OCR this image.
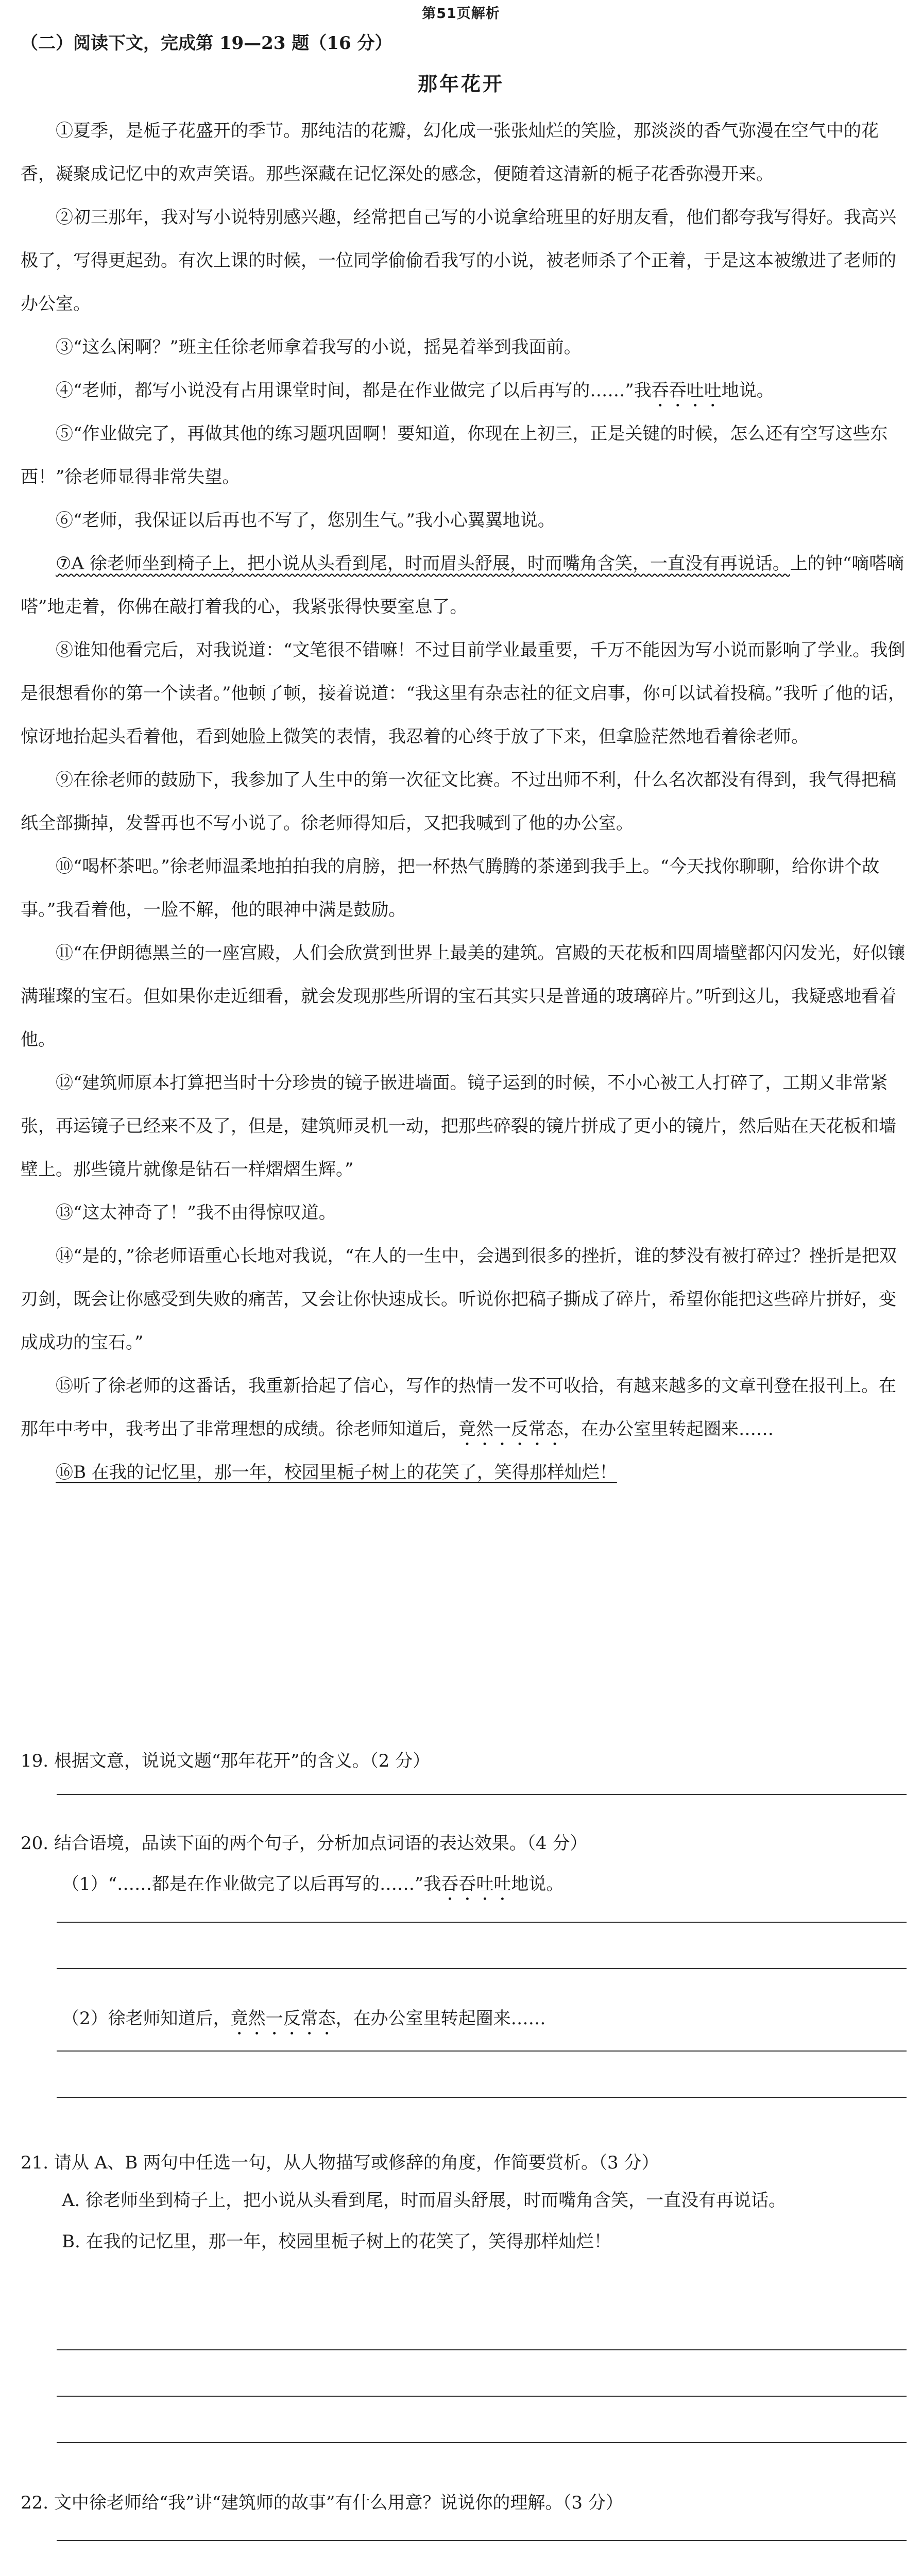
第51页解析
（二）阅读下文，完成第 19—23 题（16 分）
那年花开

①夏季，是栀子花盛开的季节。那纯洁的花瓣，幻化成一张张灿烂的笑脸，那淡淡的香气弥漫在空气中的花香，凝聚成记忆中的欢声笑语。那些深藏在记忆深处的感念，便随着这清新的栀子花香弥漫开来。

②初三那年，我对写小说特别感兴趣，经常把自己写的小说拿给班里的好朋友看，他们都夸我写得好。我高兴极了，写得更起劲。有次上课的时候，一位同学偷偷看我写的小说，被老师杀了个正着，于是这本被缴进了老师的办公室。

③“这么闲啊？”班主任徐老师拿着我写的小说，摇晃着举到我面前。

④“老师，都写小说没有占用课堂时间，都是在作业做完了以后再写的……”我吞吞吐吐地说。

⑤“作业做完了，再做其他的练习题巩固啊！要知道，你现在上初三，正是关键的时候，怎么还有空写这些东西！”徐老师显得非常失望。

⑥“老师，我保证以后再也不写了，您别生气。”我小心翼翼地说。

⑦A 徐老师坐到椅子上，把小说从头看到尾，时而眉头舒展，时而嘴角含笑，一直没有再说话。上的钟“嘀嗒嘀嗒”地走着，你佛在敲打着我的心，我紧张得快要室息了。

⑧谁知他看完后，对我说道：“文笔很不错嘛！不过目前学业最重要，千万不能因为写小说而影响了学业。我倒是很想看你的第一个读者。”他顿了顿，接着说道：“我这里有杂志社的征文启事，你可以试着投稿。”我听了他的话，惊讶地抬起头看着他，看到她脸上微笑的表情，我忍着的心终于放了下来，但拿脸茫然地看着徐老师。

⑨在徐老师的鼓励下，我参加了人生中的第一次征文比赛。不过出师不利，什么名次都没有得到，我气得把稿纸全部撕掉，发誓再也不写小说了。徐老师得知后，又把我喊到了他的办公室。

⑩“喝杯茶吧。”徐老师温柔地拍拍我的肩膀，把一杯热气腾腾的茶递到我手上。“今天找你聊聊，给你讲个故事。”我看着他，一脸不解，他的眼神中满是鼓励。

⑪“在伊朗德黑兰的一座宫殿，人们会欣赏到世界上最美的建筑。宫殿的天花板和四周墙壁都闪闪发光，好似镶满璀璨的宝石。但如果你走近细看，就会发现那些所谓的宝石其实只是普通的玻璃碎片。”听到这儿，我疑惑地看着他。

⑫“建筑师原本打算把当时十分珍贵的镜子嵌进墙面。镜子运到的时候，不小心被工人打碎了，工期又非常紧张，再运镜子已经来不及了，但是，建筑师灵机一动，把那些碎裂的镜片拼成了更小的镜片，然后贴在天花板和墙壁上。那些镜片就像是钻石一样熠熠生辉。”

⑬“这太神奇了！”我不由得惊叹道。

⑭“是的，”徐老师语重心长地对我说，“在人的一生中，会遇到很多的挫折，谁的梦没有被打碎过？挫折是把双刃剑，既会让你感受到失败的痛苦，又会让你快速成长。听说你把稿子撕成了碎片，希望你能把这些碎片拼好，变成成功的宝石。”

⑮听了徐老师的这番话，我重新拾起了信心，写作的热情一发不可收拾，有越来越多的文章刊登在报刊上。在那年中考中，我考出了非常理想的成绩。徐老师知道后，竟然一反常态，在办公室里转起圈来……

⑯B 在我的记忆里，那一年，校园里栀子树上的花笑了，笑得那样灿烂！

19. 根据文意，说说文题“那年花开”的含义。（2 分）
20. 结合语境，品读下面的两个句子，分析加点词语的表达效果。（4 分）
（1）“……都是在作业做完了以后再写的……”我吞吞吐吐地说。
（2）徐老师知道后，竟然一反常态，在办公室里转起圈来……
21. 请从 A、B 两句中任选一句，从人物描写或修辞的角度，作简要赏析。（3 分）
A. 徐老师坐到椅子上，把小说从头看到尾，时而眉头舒展，时而嘴角含笑，一直没有再说话。
B. 在我的记忆里，那一年，校园里栀子树上的花笑了，笑得那样灿烂！
22. 文中徐老师给“我”讲“建筑师的故事”有什么用意？说说你的理解。（3 分）
